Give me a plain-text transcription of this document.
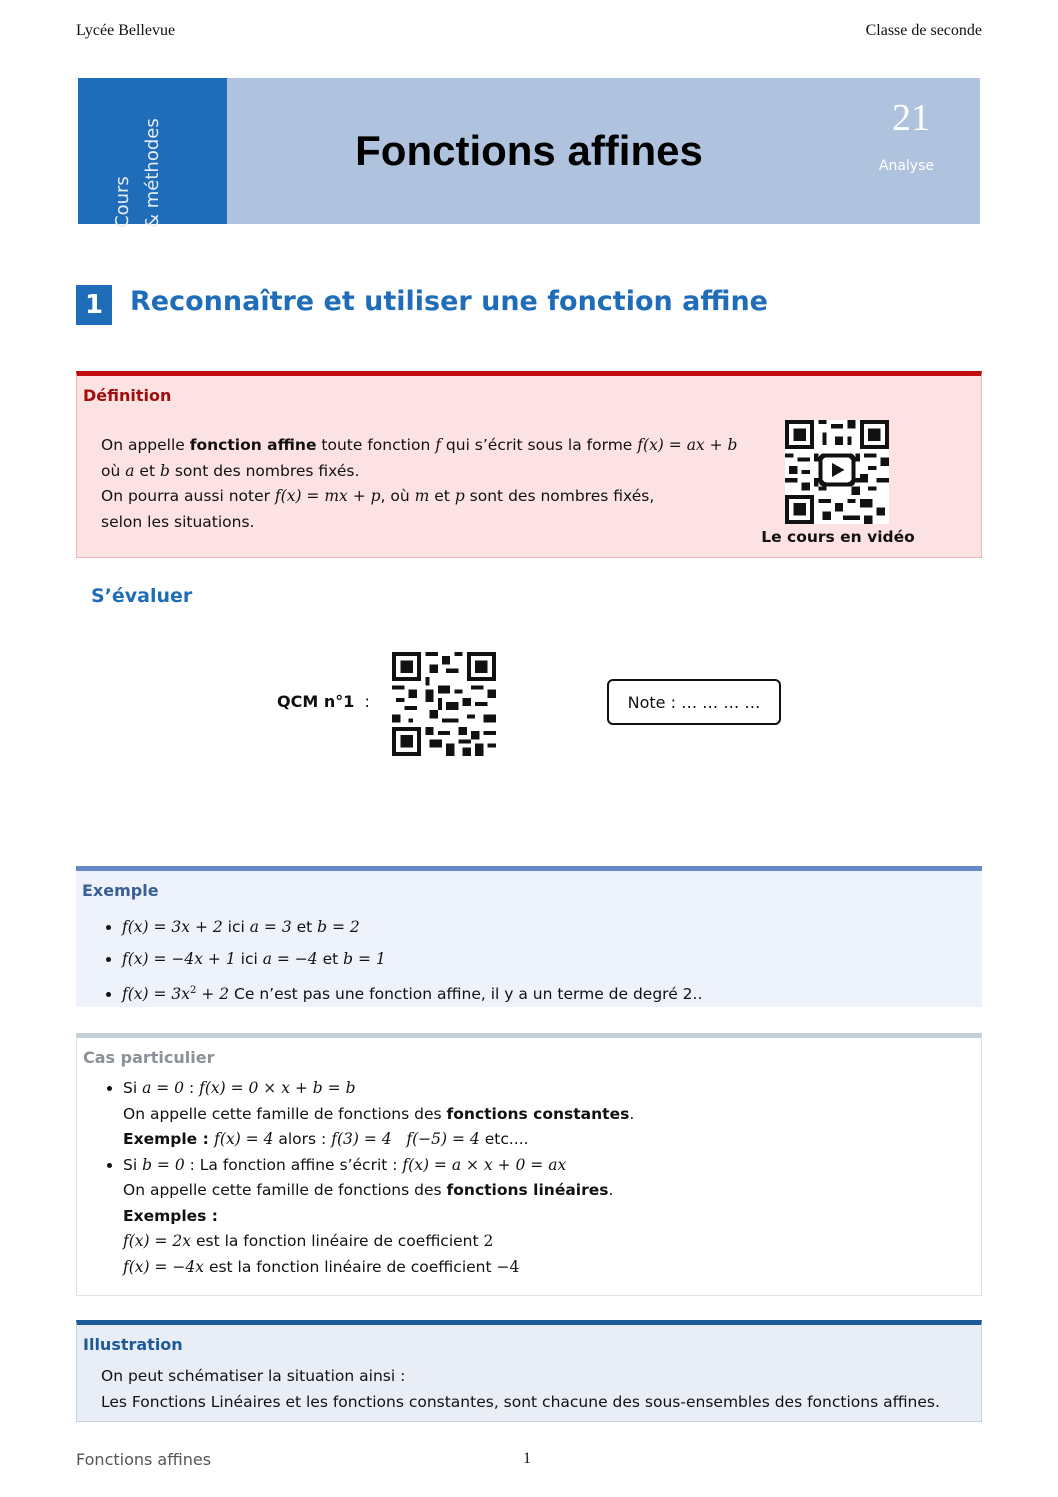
Lycée Bellevue	Classe de seconde
Cours & méthodes	Fonctions affines
21
Analyse
1 Reconnaître et utiliser une fonction affine
Définition
On appelle fonction affine toute fonction f qui s’écrit sous la forme f(x) = ax + b
où a et b sont des nombres fixés.
On pourra aussi noter f(x) = mx + p, où m et p sont des nombres fixés,
selon les situations.
Le cours en vidéo
S’évaluer
QCM n°1 :	Note : … … … …
Exemple
• f(x) = 3x + 2 ici a = 3 et b = 2
• f(x) = −4x + 1 ici a = −4 et b = 1
• $f(x) = 3x^2 + 2$ Ce n’est pas une fonction affine, il y a un terme de degré 2..
Cas particulier
• Si a = 0 : f(x) = 0 × x + b = b
On appelle cette famille de fonctions des fonctions constantes.
Exemple : f(x) = 4 alors : f(3) = 4 f(−5) = 4 etc....
• Si b = 0 : La fonction affine s’écrit : f(x) = a × x + 0 = ax
On appelle cette famille de fonctions des fonctions linéaires.
Exemples :
f(x) = 2x est la fonction linéaire de coefficient 2
f(x) = −4x est la fonction linéaire de coefficient −4
Illustration
On peut schématiser la situation ainsi :
Les Fonctions Linéaires et les fonctions constantes, sont chacune des sous-ensembles des fonctions affines.
Fonctions affines	1
